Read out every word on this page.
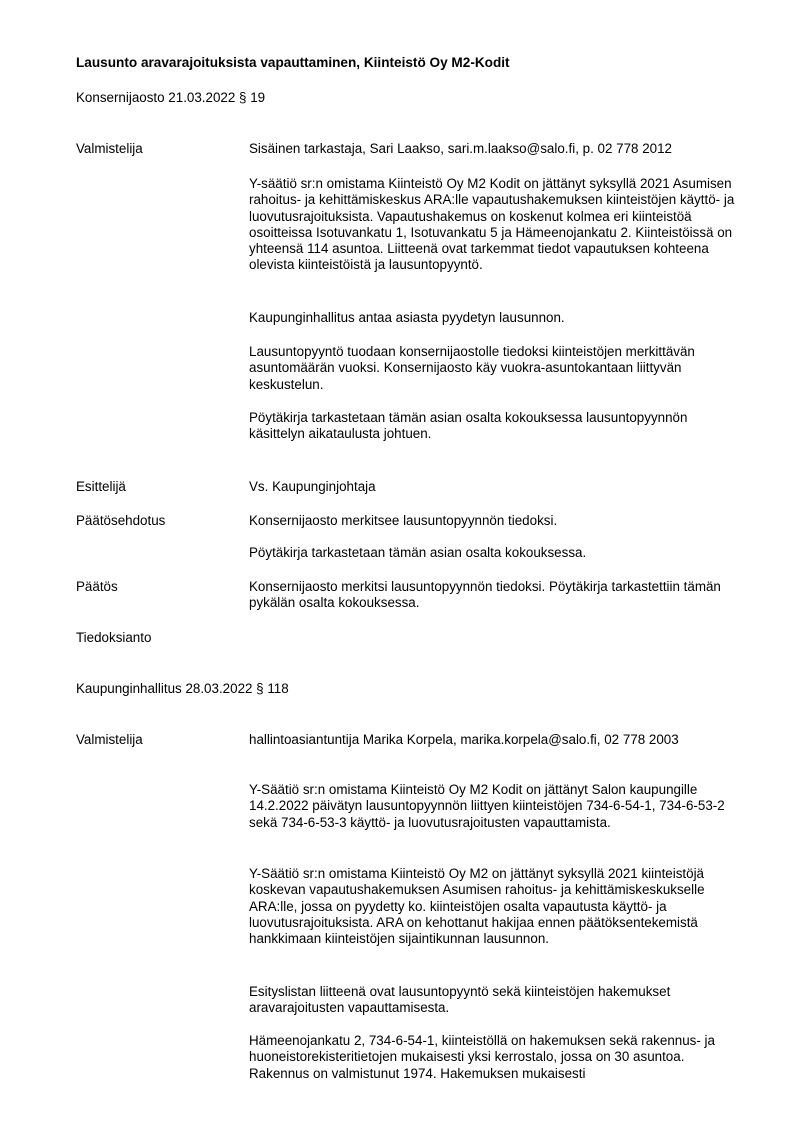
Lausunto aravarajoituksista vapauttaminen, Kiinteistö Oy M2-Kodit
Konsernijaosto 21.03.2022 § 19
Valmistelija	Sisäinen tarkastaja, Sari Laakso, sari.m.laakso@salo.fi, p. 02 778 2012
Y-säätiö sr:n omistama Kiinteistö Oy M2 Kodit on jättänyt syksyllä 2021 Asumisen rahoitus- ja kehittämiskeskus ARA:lle vapautushakemuksen kiinteistöjen käyttö- ja luovutusrajoituksista. Vapautushakemus on koskenut kolmea eri kiinteistöä osoitteissa Isotuvankatu 1, Isotuvankatu 5 ja Hämeenojankatu 2. Kiinteistöissä on yhteensä 114 asuntoa. Liitteenä ovat tarkemmat tiedot vapautuksen kohteena olevista kiinteistöistä ja lausuntopyyntö.
Kaupunginhallitus antaa asiasta pyydetyn lausunnon.
Lausuntopyyntö tuodaan konsernijaostolle tiedoksi kiinteistöjen merkittävän asuntomäärän vuoksi. Konsernijaosto käy vuokra-asuntokantaan liittyvän keskustelun.
Pöytäkirja tarkastetaan tämän asian osalta kokouksessa lausuntopyynnön käsittelyn aikataulusta johtuen.
Esittelijä	Vs. Kaupunginjohtaja
Päätösehdotus	Konsernijaosto merkitsee lausuntopyynnön tiedoksi.
Pöytäkirja tarkastetaan tämän asian osalta kokouksessa.
Päätös	Konsernijaosto merkitsi lausuntopyynnön tiedoksi. Pöytäkirja tarkastettiin tämän pykälän osalta kokouksessa.
Tiedoksianto
Kaupunginhallitus 28.03.2022 § 118
Valmistelija	hallintoasiantuntija Marika Korpela, marika.korpela@salo.fi, 02 778 2003
Y-Säätiö sr:n omistama Kiinteistö Oy M2 Kodit on jättänyt Salon kaupungille 14.2.2022 päivätyn lausuntopyynnön liittyen kiinteistöjen 734-6-54-1, 734-6-53-2 sekä 734-6-53-3 käyttö- ja luovutusrajoitusten vapauttamista.
Y-Säätiö sr:n omistama Kiinteistö Oy M2 on jättänyt syksyllä 2021 kiinteistöjä koskevan vapautushakemuksen Asumisen rahoitus- ja kehittämiskeskukselle ARA:lle, jossa on pyydetty ko. kiinteistöjen osalta vapautusta käyttö- ja luovutusrajoituksista. ARA on kehottanut hakijaa ennen päätöksentekemistä hankkimaan kiinteistöjen sijaintikunnan lausunnon.
Esityslistan liitteenä ovat lausuntopyyntö sekä kiinteistöjen hakemukset aravarajoitusten vapauttamisesta.
Hämeenojankatu 2, 734-6-54-1, kiinteistöllä on hakemuksen sekä rakennus- ja huoneistorekisteritietojen mukaisesti yksi kerrostalo, jossa on 30 asuntoa. Rakennus on valmistunut 1974. Hakemuksen mukaisesti
